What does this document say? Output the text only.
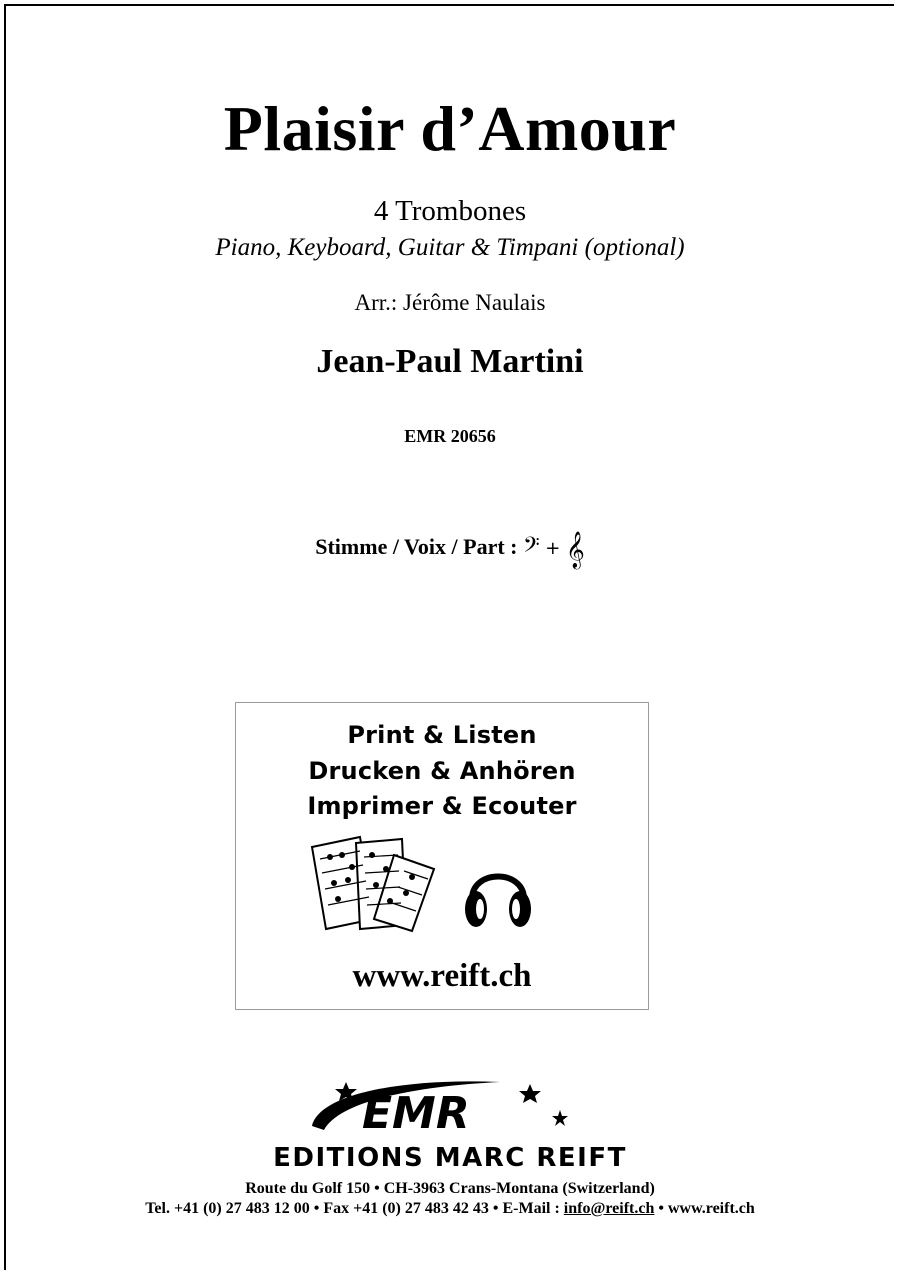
Plaisir d’Amour
4 Trombones
Piano, Keyboard, Guitar & Timpani (optional)
Arr.: Jérôme Naulais
Jean-Paul Martini
EMR 20656
Stimme / Voix / Part : 𝄢 + 𝄞
Print & Listen
Drucken & Anhören
Imprimer & Ecouter
www.reift.ch
EMR
EDITIONS MARC REIFT
Route du Golf 150 • CH-3963 Crans-Montana (Switzerland)
Tel. +41 (0) 27 483 12 00 • Fax +41 (0) 27 483 42 43 • E-Mail : info@reift.ch • www.reift.ch
